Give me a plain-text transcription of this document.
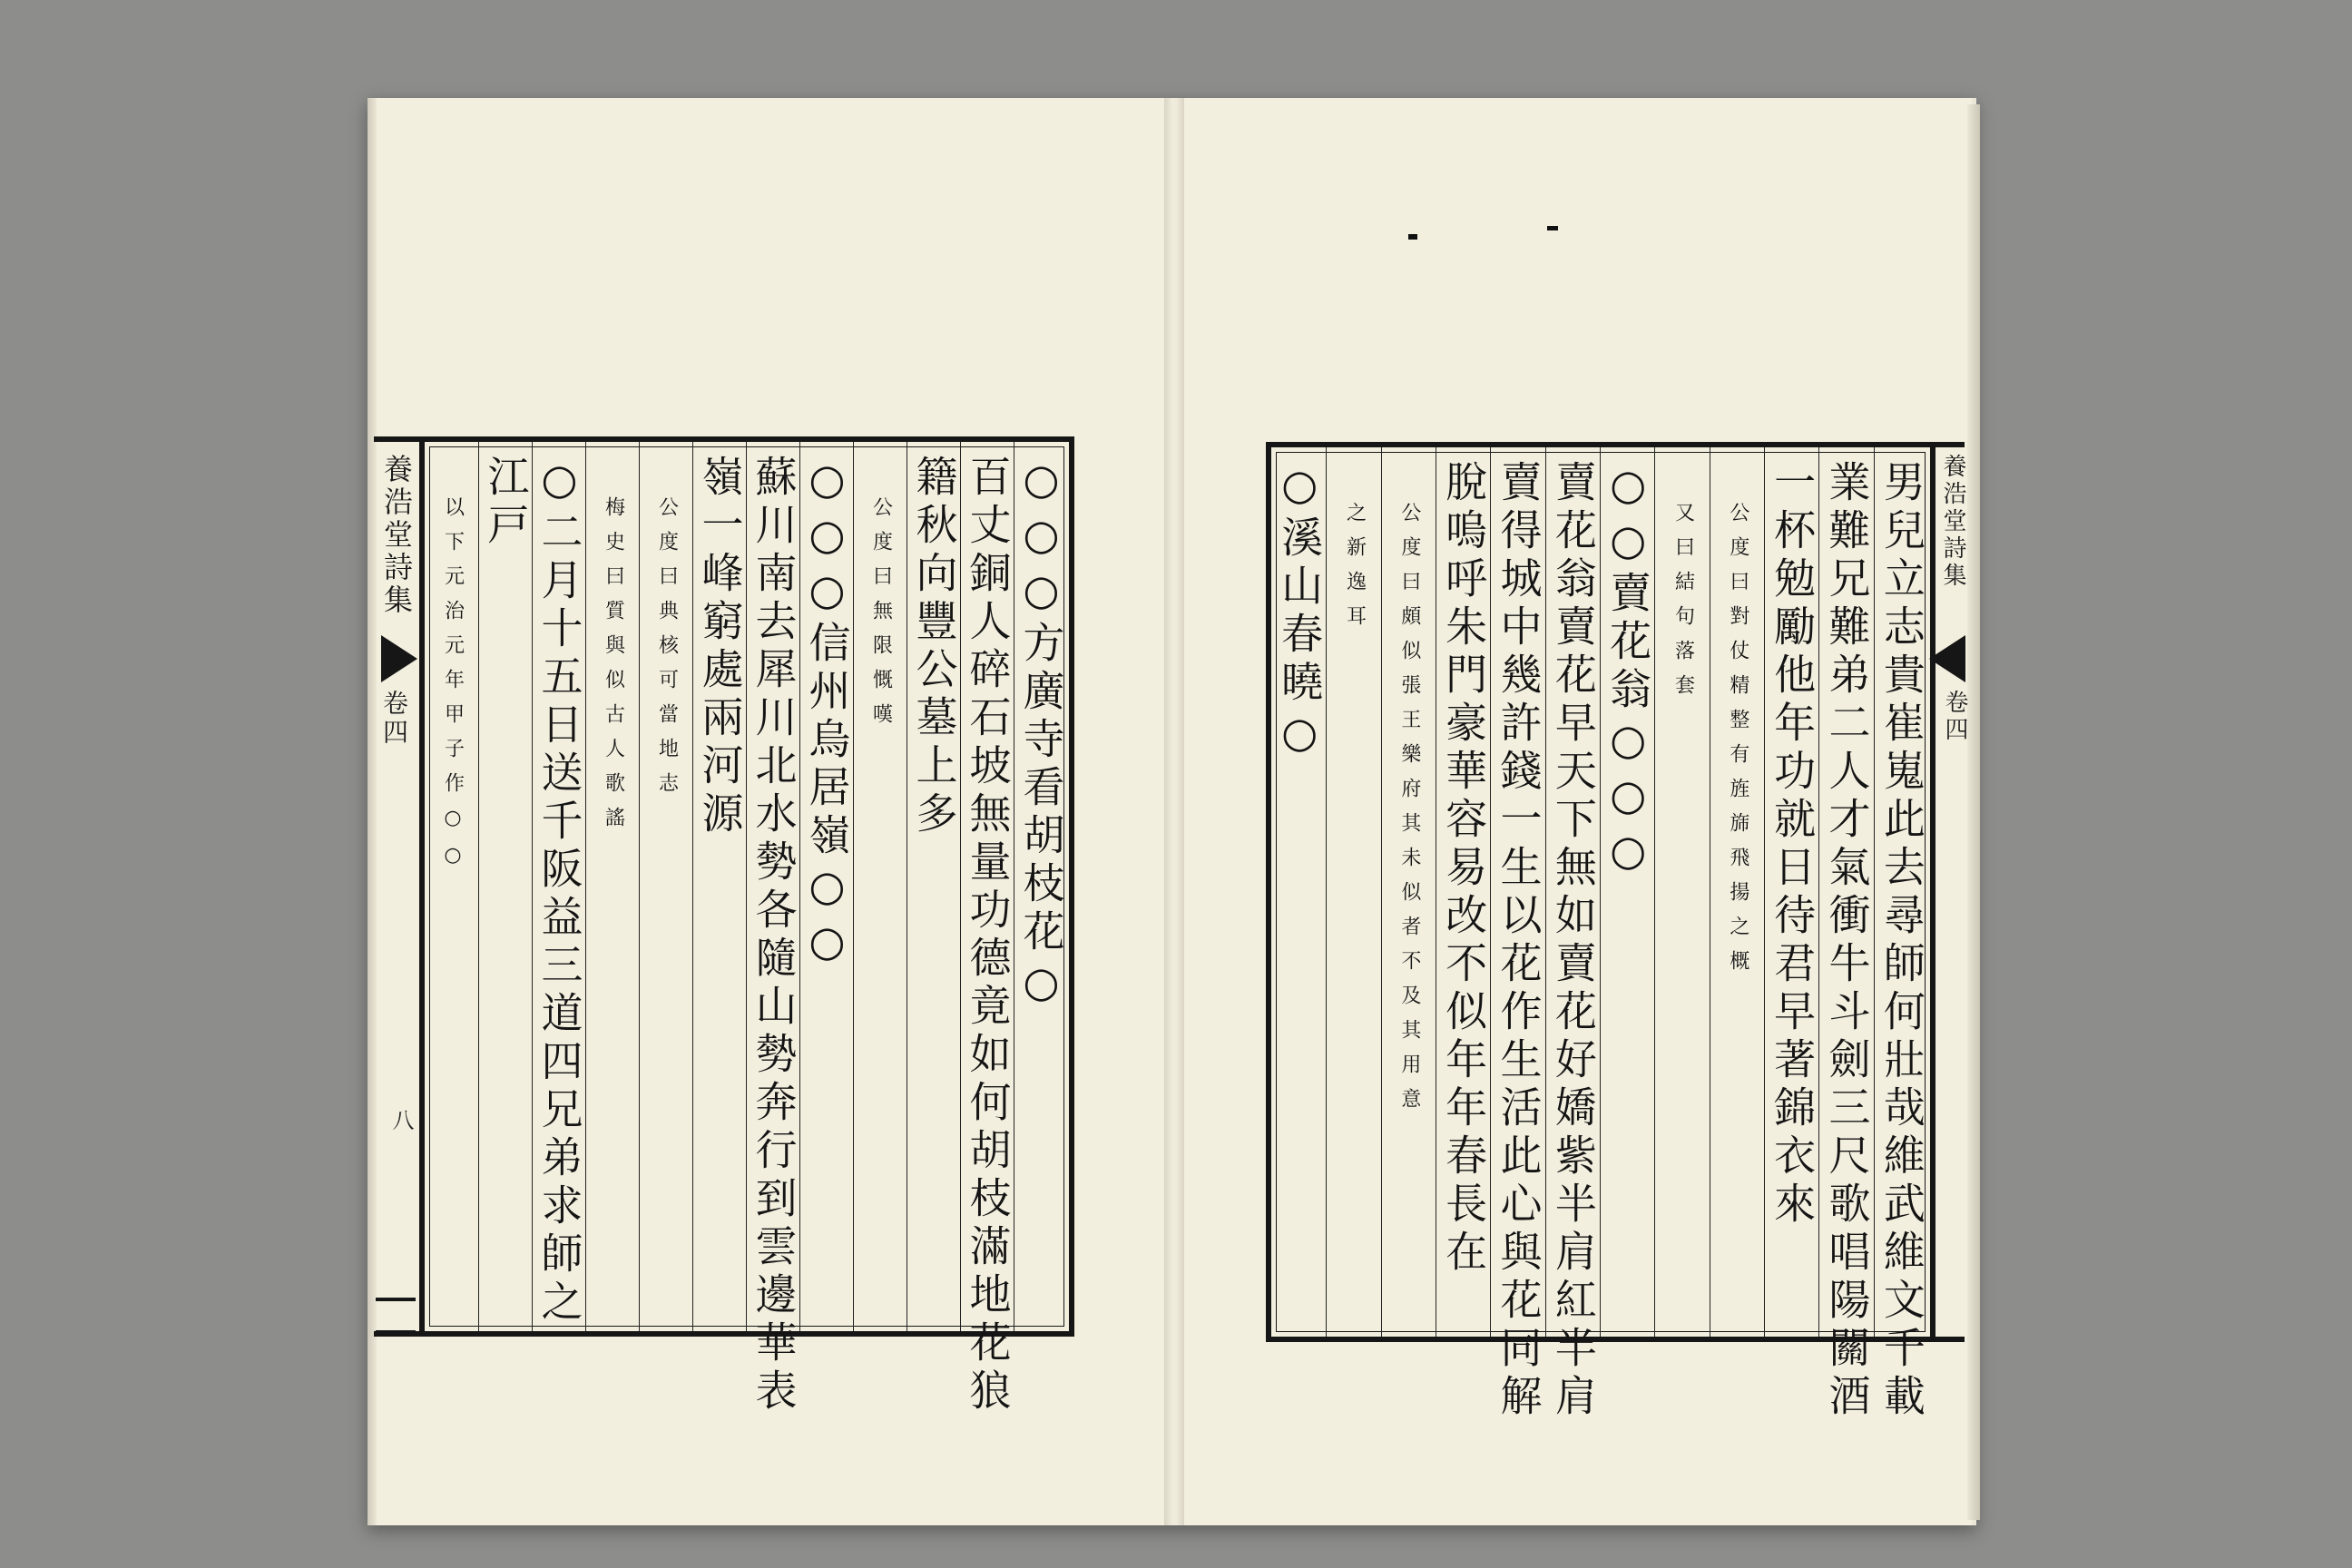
○○○方廣寺看胡枝花○
百丈銅人碎石坡無量功德竟如何胡枝滿地花狼
籍秋向豐公墓上多
公度曰無限慨嘆
○○○信州烏居嶺○○
蘇川南去犀川北水勢各隨山勢奔行到雲邊華表
嶺一峰窮處兩河源
公度曰典核可當地志
梅史曰質與似古人歌謠
○二月十五日送千阪益三道四兄弟求師之
江戸
以下元治元年甲子作○○
養浩堂詩集
卷四
八	男兒立志貴崔嵬此去尋師何壯哉維武維文千載
業難兄難弟二人才氣衝牛斗劍三尺歌唱陽關酒
一杯勉勵他年功就日待君早著錦衣來
公度曰對仗精整有旌旆飛揚之概
又曰結句落套
○○賣花翁○○○
賣花翁賣花早天下無如賣花好嬌紫半肩紅半肩
賣得城中幾許錢一生以花作生活此心與花同解
脫嗚呼朱門豪華容易改不似年年春長在
公度曰頗似張王樂府其未似者不及其用意
之新逸耳
○溪山春曉○	養浩堂詩集
卷四
